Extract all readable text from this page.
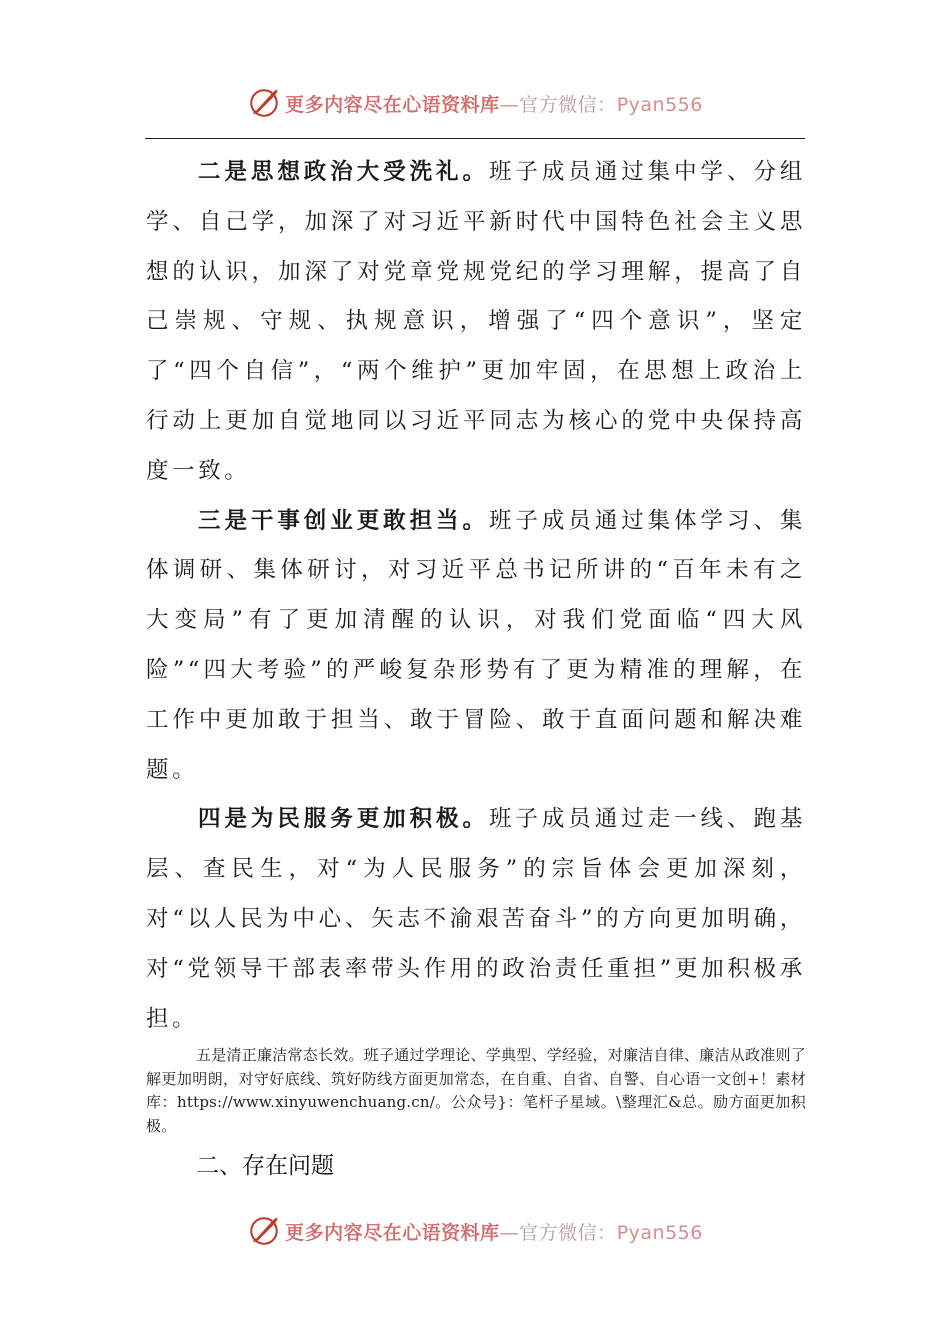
更多内容尽在心语资料库—官方微信：Pyan556

二是思想政治大受洗礼。班子成员通过集中学、分组学、自己学，加深了对习近平新时代中国特色社会主义思想的认识，加深了对党章党规党纪的学习理解，提高了自己崇规、守规、执规意识，增强了“四个意识”，坚定了“四个自信”，“两个维护”更加牢固，在思想上政治上行动上更加自觉地同以习近平同志为核心的党中央保持高度一致。

三是干事创业更敢担当。班子成员通过集体学习、集体调研、集体研讨，对习近平总书记所讲的“百年未有之大变局”有了更加清醒的认识，对我们党面临“四大风险”“四大考验”的严峻复杂形势有了更为精准的理解，在工作中更加敢于担当、敢于冒险、敢于直面问题和解决难题。

四是为民服务更加积极。班子成员通过走一线、跑基层、查民生，对“为人民服务”的宗旨体会更加深刻，对“以人民为中心、矢志不渝艰苦奋斗”的方向更加明确，对“党领导干部表率带头作用的政治责任重担”更加积极承担。

五是清正廉洁常态长效。班子通过学理论、学典型、学经验，对廉洁自律、廉洁从政准则了解更加明朗，对守好底线、筑好防线方面更加常态，在自重、自省、自警、自心语一文创+！素材库：https://www.xinyuwenchuang.cn/。公众号}：笔杆子星域。\整理汇&总。励方面更加积极。

二、存在问题
更多内容尽在心语资料库—官方微信：Pyan556
